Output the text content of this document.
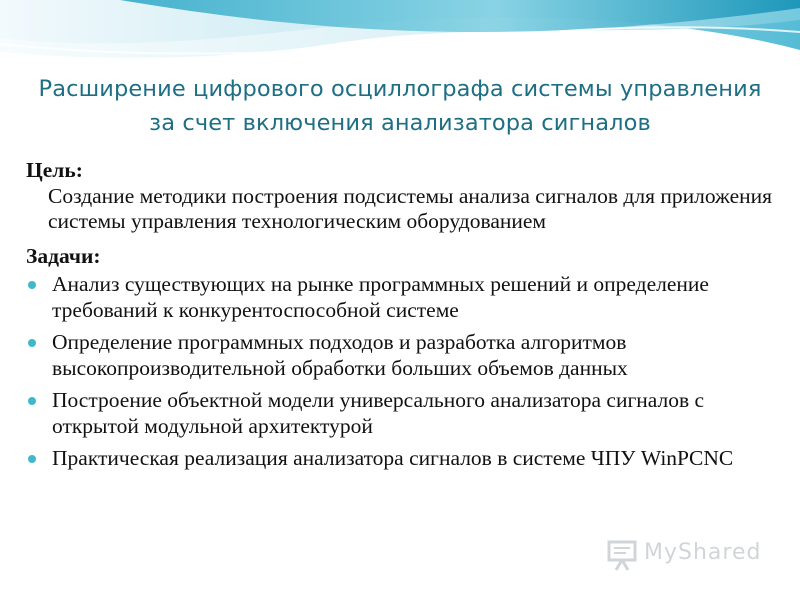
Расширение цифрового осциллографа системы управления
за счет включения анализатора сигналов

Цель:

Создание методики построения подсистемы анализа сигналов для приложения системы управления технологическим оборудованием

Задачи:

Анализ существующих на рынке программных решений и определение требований к конкурентоспособной системе
Определение программных подходов и разработка алгоритмов высокопроизводительной обработки больших объемов данных
Построение объектной модели универсального анализатора сигналов с открытой модульной архитектурой
Практическая реализация анализатора сигналов в системе ЧПУ WinPCNC
MyShared
